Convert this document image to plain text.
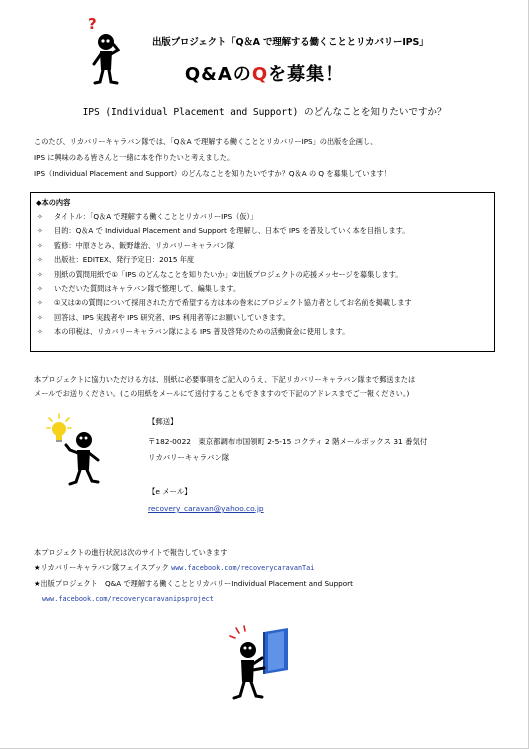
?
出版プロジェクト「Q＆A で理解する働くこととリカバリーIPS」
Q&AのQを募集！
IPS (Individual Placement and Support) のどんなことを知りたいですか？

このたび、リカバリーキャラバン隊では、「Q＆A で理解する働くこととリカバリーIPS」の出版を企画し、

IPS に興味のある皆さんと一緒に本を作りたいと考えました。

IPS（Individual Placement and Support）のどんなことを知りたいですか？Q＆A の Q を募集しています！

◆本の内容
✧	タイトル：「Q＆A で理解する働くこととリカバリーIPS（仮）」
✧	目的：Q＆A で Individual Placement and Support を理解し、日本で IPS を普及していく本を目指します。
✧	監修：中原さとみ、飯野雄治、リカバリーキャラバン隊
✧	出版社：EDITEX、発行予定日：2015 年度
✧	別紙の質問用紙で①「IPS のどんなことを知りたいか」②出版プロジェクトの応援メッセージを募集します。
✧	いただいた質問はキャラバン隊で整理して、編集します。
✧	①又は②の質問について採用された方で希望する方は本の巻末にプロジェクト協力者としてお名前を掲載します
✧	回答は、IPS 実践者や IPS 研究者、IPS 利用者等にお願いしていきます。
✧	本の印税は、リカバリーキャラバン隊による IPS 普及啓発のための活動資金に使用します。

本プロジェクトに協力いただける方は、別紙に必要事項をご記入のうえ、下記リカバリーキャラバン隊まで郵送または

メールでお送りください。(この用紙をメールにて送付することもできますので下記のアドレスまでご一報ください。)

【郵送】
〒182-0022　東京都調布市国領町 2-5-15 コクティ 2 階メールボックス 31 番気付
リカバリーキャラバン隊
【e メール】
recovery_caravan@yahoo.co.jp
本プロジェクトの進行状況は次のサイトで報告していきます
★リカバリーキャラバン隊フェイスブック www.facebook.com/recoverycaravanTai
★出版プロジェクト　Q&A で理解する働くこととリカバリーIndividual Placement and Support
www.facebook.com/recoverycaravanipsproject
